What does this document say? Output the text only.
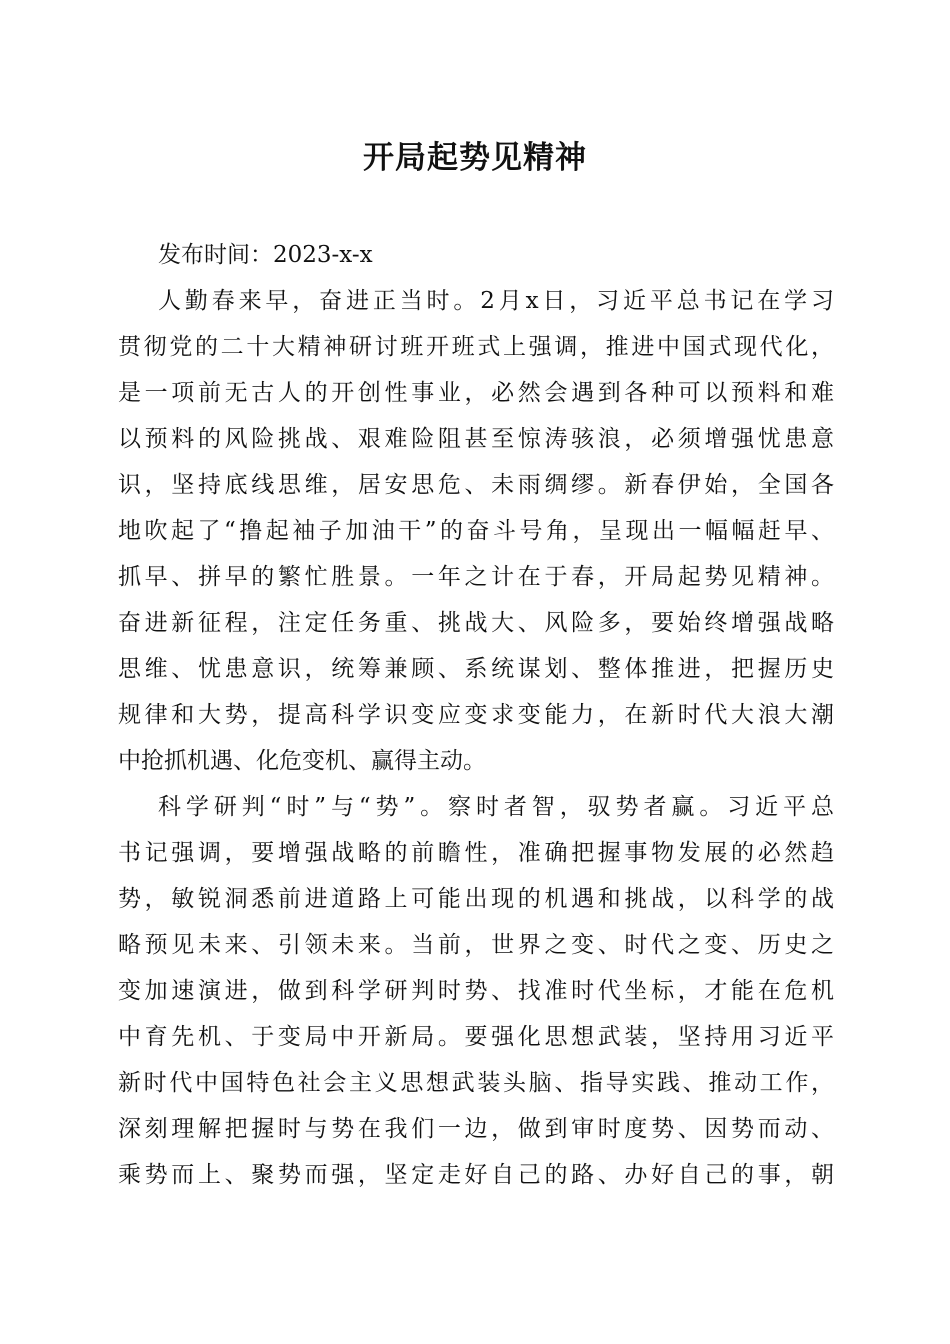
开局起势见精神
发布时间：2023-x-x
人勤春来早，奋进正当时。2月x日，习近平总书记在学习
贯彻党的二十大精神研讨班开班式上强调，推进中国式现代化，
是一项前无古人的开创性事业，必然会遇到各种可以预料和难
以预料的风险挑战、艰难险阻甚至惊涛骇浪，必须增强忧患意
识，坚持底线思维，居安思危、未雨绸缪。新春伊始，全国各
地吹起了“撸起袖子加油干”的奋斗号角，呈现出一幅幅赶早、
抓早、拼早的繁忙胜景。一年之计在于春，开局起势见精神。
奋进新征程，注定任务重、挑战大、风险多，要始终增强战略
思维、忧患意识，统筹兼顾、系统谋划、整体推进，把握历史
规律和大势，提高科学识变应变求变能力，在新时代大浪大潮
中抢抓机遇、化危变机、赢得主动。
科学研判“时”与“势”。察时者智，驭势者赢。习近平总
书记强调，要增强战略的前瞻性，准确把握事物发展的必然趋
势，敏锐洞悉前进道路上可能出现的机遇和挑战，以科学的战
略预见未来、引领未来。当前，世界之变、时代之变、历史之
变加速演进，做到科学研判时势、找准时代坐标，才能在危机
中育先机、于变局中开新局。要强化思想武装，坚持用习近平
新时代中国特色社会主义思想武装头脑、指导实践、推动工作，
深刻理解把握时与势在我们一边，做到审时度势、因势而动、
乘势而上、聚势而强，坚定走好自己的路、办好自己的事，朝
